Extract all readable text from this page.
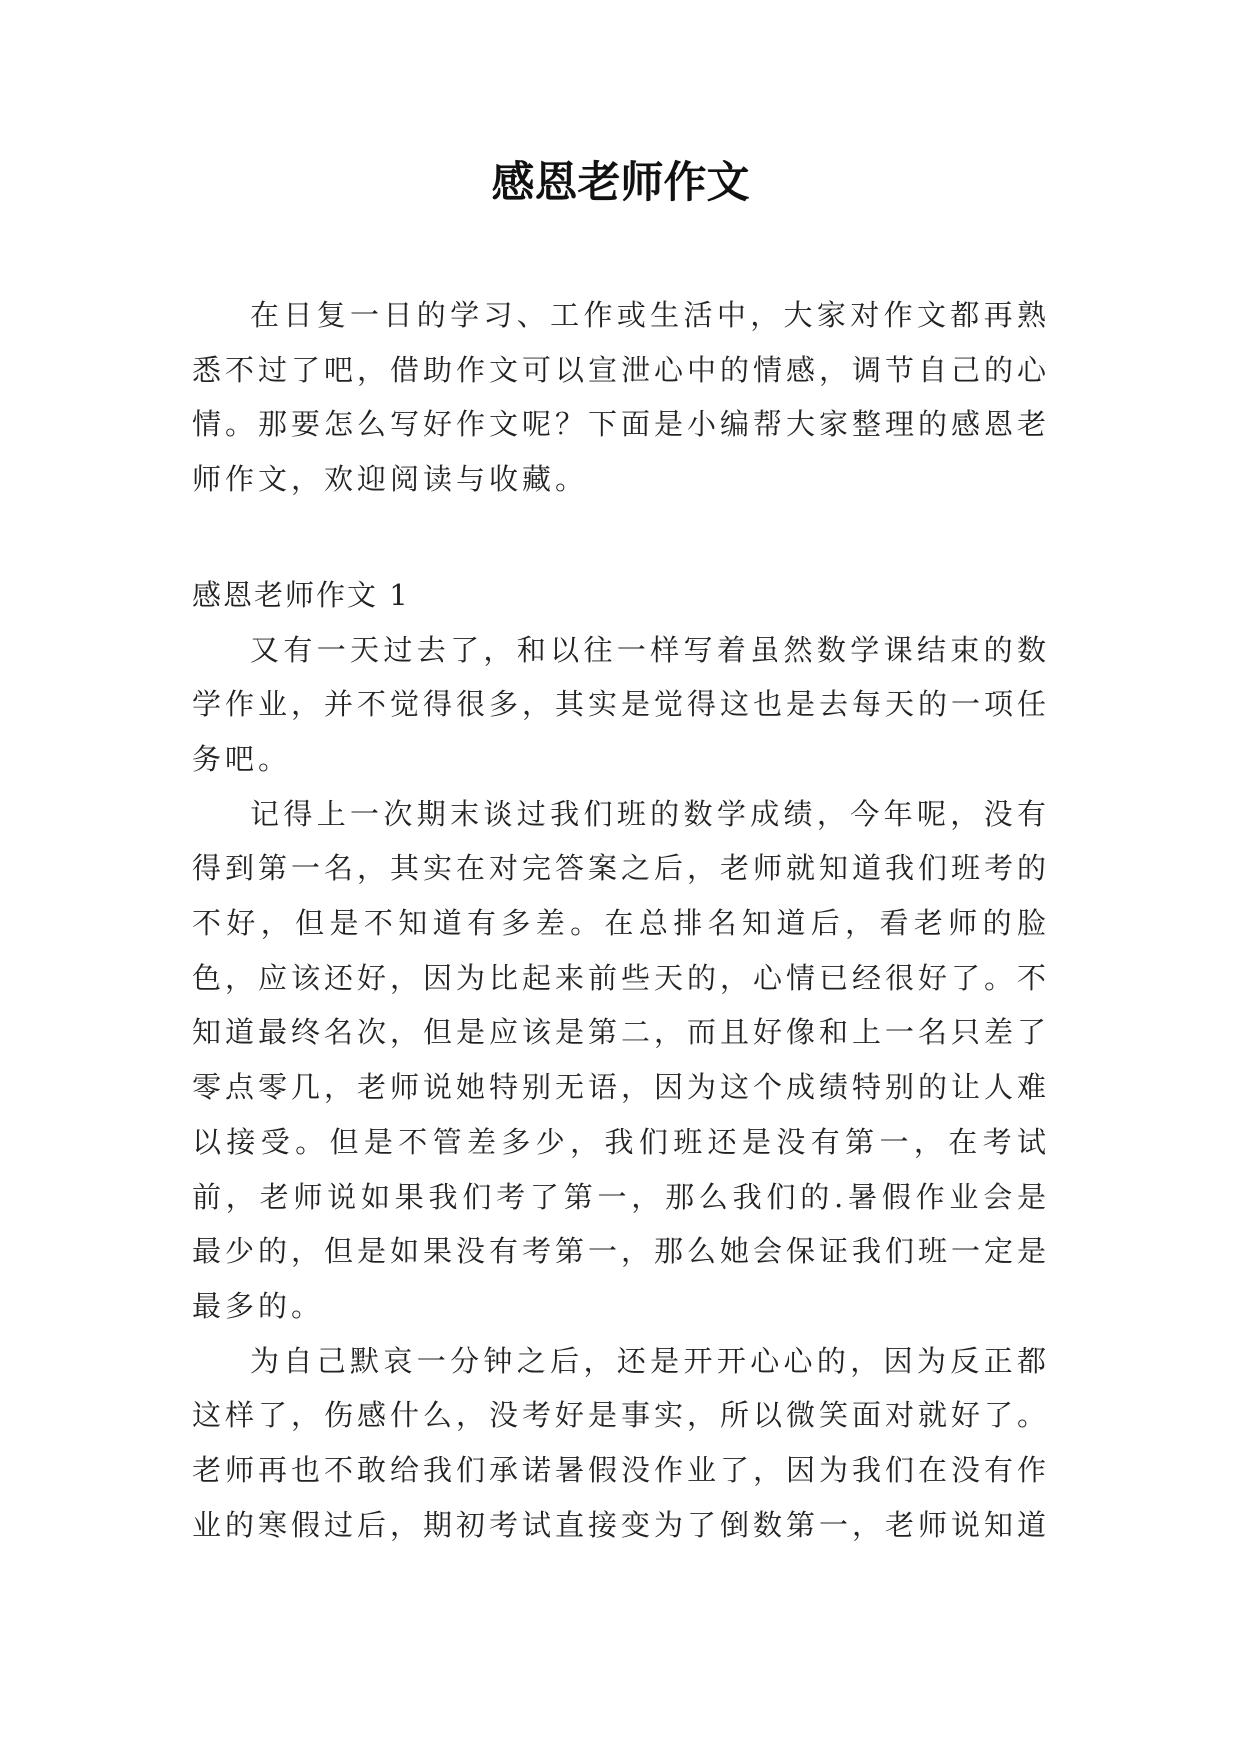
感恩老师作文

在日复一日的学习、工作或生活中，大家对作文都再熟悉不过了吧，借助作文可以宣泄心中的情感，调节自己的心情。那要怎么写好作文呢？下面是小编帮大家整理的感恩老师作文，欢迎阅读与收藏。

感恩老师作文 1

又有一天过去了，和以往一样写着虽然数学课结束的数学作业，并不觉得很多，其实是觉得这也是去每天的一项任务吧。

记得上一次期末谈过我们班的数学成绩，今年呢，没有得到第一名，其实在对完答案之后，老师就知道我们班考的不好，但是不知道有多差。在总排名知道后，看老师的脸色，应该还好，因为比起来前些天的，心情已经很好了。不知道最终名次，但是应该是第二，而且好像和上一名只差了零点零几，老师说她特别无语，因为这个成绩特别的让人难以接受。但是不管差多少，我们班还是没有第一，在考试前，老师说如果我们考了第一，那么我们的.暑假作业会是最少的，但是如果没有考第一，那么她会保证我们班一定是最多的。

为自己默哀一分钟之后，还是开开心心的，因为反正都这样了，伤感什么，没考好是事实，所以微笑面对就好了。老师再也不敢给我们承诺暑假没作业了，因为我们在没有作业的寒假过后，期初考试直接变为了倒数第一，老师说知道
